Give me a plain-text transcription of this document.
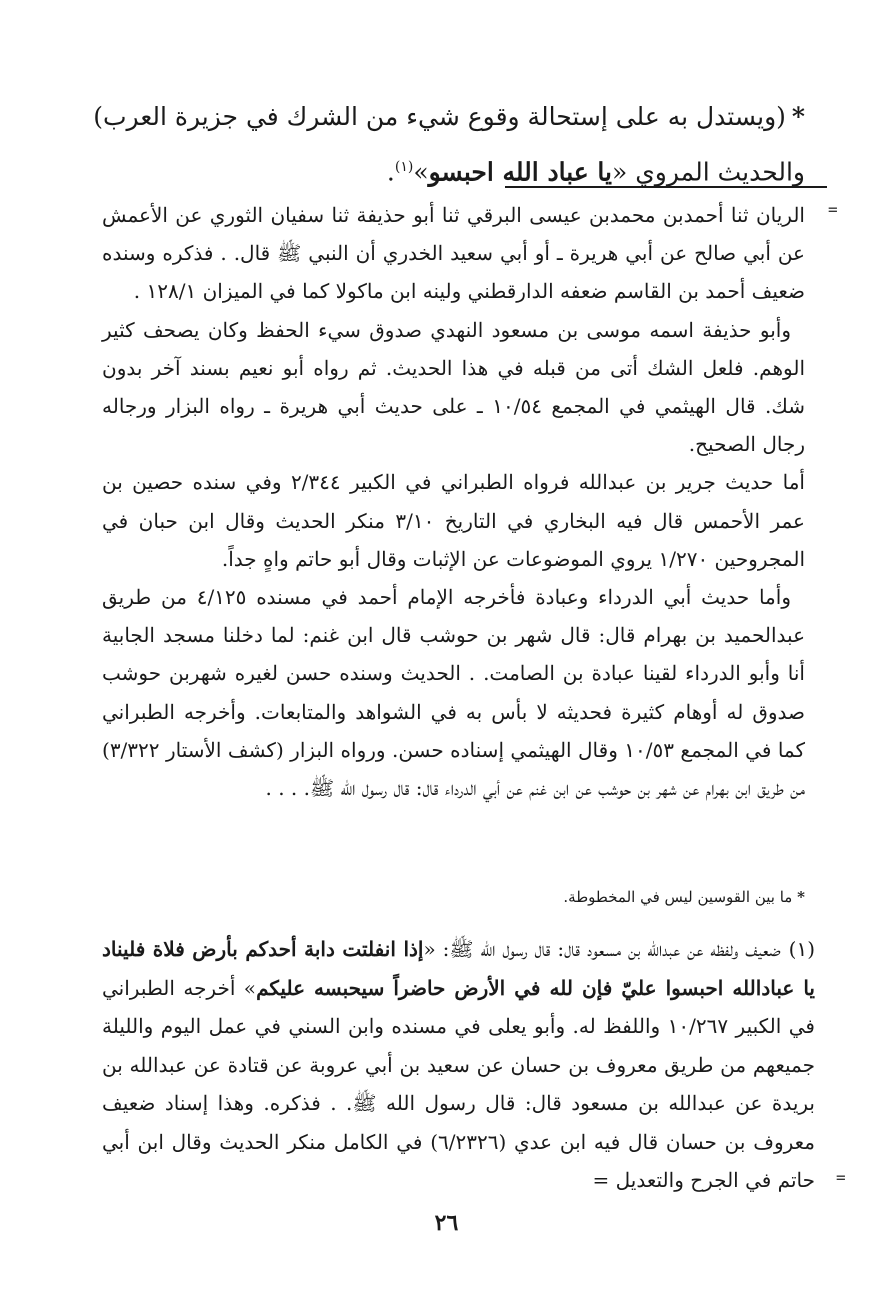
*(ويستدل به على إستحالة وقوع شيء من الشرك في جزيرة العرب)
والحديث المروي «يا عباد الله احبسو»$^{(١)}$.
=

الريان ثنا أحمدبن محمدبن عيسى البرقي ثنا أبو حذيفة ثنا سفيان الثوري عن الأعمش عن أبي صالح عن أبي هريرة ـ أو أبي سعيد الخدري أن النبي ﷺ قال. . فذكره وسنده ضعيف أحمد بن القاسم ضعفه الدارقطني ولينه ابن ماكولا كما في الميزان ١٢٨/١ .

وأبو حذيفة اسمه موسى بن مسعود النهدي صدوق سيء الحفظ وكان يصحف كثير الوهم. فلعل الشك أتى من قبله في هذا الحديث. ثم رواه أبو نعيم بسند آخر بدون شك. قال الهيثمي في المجمع ١٠/٥٤ ـ على حديث أبي هريرة ـ رواه البزار ورجاله رجال الصحيح.

أما حديث جرير بن عبدالله فرواه الطبراني في الكبير ٢/٣٤٤ وفي سنده حصين بن عمر الأحمس قال فيه البخاري في التاريخ ٣/١٠ منكر الحديث وقال ابن حبان في المجروحين ١/٢٧٠ يروي الموضوعات عن الإثبات وقال أبو حاتم واهٍ جداً.

وأما حديث أبي الدرداء وعبادة فأخرجه الإمام أحمد في مسنده ٤/١٢٥ من طريق عبدالحميد بن بهرام قال: قال شهر بن حوشب قال ابن غنم: لما دخلنا مسجد الجابية أنا وأبو الدرداء لقينا عبادة بن الصامت. . الحديث وسنده حسن لغيره شهربن حوشب صدوق له أوهام كثيرة فحديثه لا بأس به في الشواهد والمتابعات. وأخرجه الطبراني كما في المجمع ١٠/٥٣ وقال الهيثمي إسناده حسن. ورواه البزار (كشف الأستار ٣/٣٢٢) من طريق ابن بهرام عن شهر بن حوشب عن ابن غنم عن أبي الدرداء قال: قال رسول الله ﷺ. . . .

* ما بين القوسين ليس في المخطوطة.

(١)
ضعيف ولفظه عن عبدالله بن مسعود قال: قال رسول الله ﷺ: «إذا انفلتت دابة أحدكم بأرض فلاة فليناد يا عبادالله احبسوا عليّ فإن لله في الأرض حاضراً سيحبسه عليكم» أخرجه الطبراني في الكبير ١٠/٢٦٧ واللفظ له. وأبو يعلى في مسنده وابن السني في عمل اليوم والليلة جميعهم من طريق معروف بن حسان عن سعيد بن أبي عروبة عن قتادة عن عبدالله بن بريدة عن عبدالله بن مسعود قال: قال رسول الله ﷺ. . فذكره. وهذا إسناد ضعيف معروف بن حسان قال فيه ابن عدي (٦/٢٣٢٦) في الكامل منكر الحديث وقال ابن أبي حاتم في الجرح والتعديل = =
٢٦
